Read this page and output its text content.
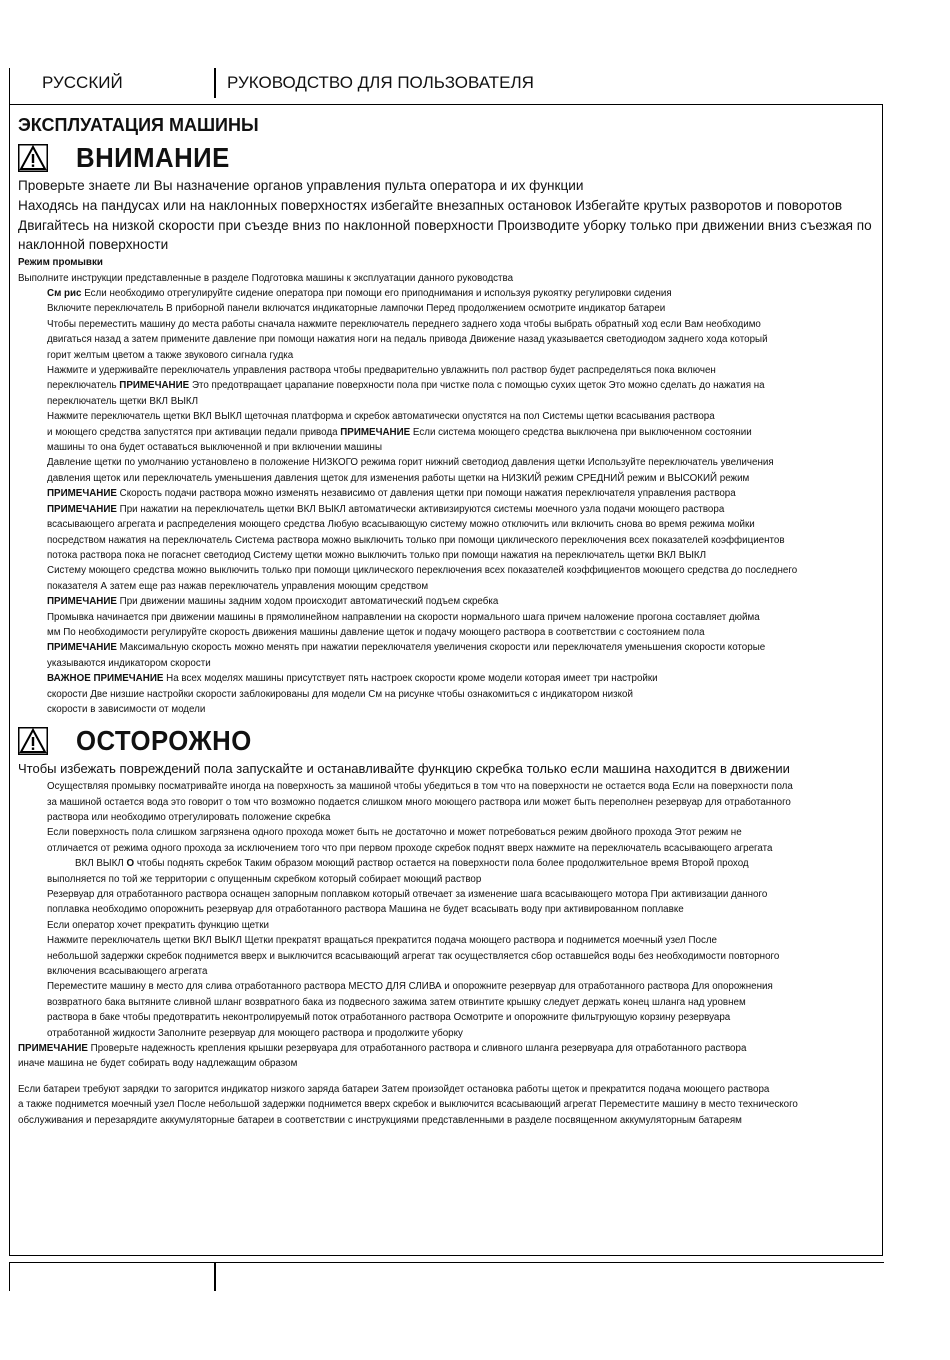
РУССКИЙ	РУКОВОДСТВО ДЛЯ ПОЛЬЗОВАТЕЛЯ

ЭКСПЛУАТАЦИЯ МАШИНЫ

ВНИМАНИЕ

Проверьте знаете ли Вы назначение органов управления пульта оператора и их функции

Находясь на пандусах или на наклонных поверхностях избегайте внезапных остановок Избегайте крутых разворотов и поворотов

Двигайтесь на низкой скорости при съезде вниз по наклонной поверхности Производите уборку только при движении вниз съезжая по

наклонной поверхности

Режим промывки

Выполните инструкции представленные в разделе Подготовка машины к эксплуатации данного руководства

См рис Если необходимо отрегулируйте сидение оператора при помощи его приподнимания и используя рукоятку регулировки сидения

Включите переключатель В приборной панели включатся индикаторные лампочки Перед продолжением осмотрите индикатор батареи

Чтобы переместить машину до места работы сначала нажмите переключатель переднего заднего хода чтобы выбрать обратный ход если Вам необходимо

двигаться назад а затем примените давление при помощи нажатия ноги на педаль привода Движение назад указывается светодиодом заднего хода который

горит желтым цветом а также звукового сигнала гудка

Нажмите и удерживайте переключатель управления раствора чтобы предварительно увлажнить пол раствор будет распределяться пока включен

переключатель ПРИМЕЧАНИЕ Это предотвращает царапание поверхности пола при чистке пола с помощью сухих щеток Это можно сделать до нажатия на

переключатель щетки ВКЛ ВЫКЛ

Нажмите переключатель щетки ВКЛ ВЫКЛ щеточная платформа и скребок автоматически опустятся на пол Системы щетки всасывания раствора

и моющего средства запустятся при активации педали привода ПРИМЕЧАНИЕ Если система моющего средства выключена при выключенном состоянии

машины то она будет оставаться выключенной и при включении машины

Давление щетки по умолчанию установлено в положение НИЗКОГО режима горит нижний светодиод давления щетки Используйте переключатель увеличения

давления щеток или переключатель уменьшения давления щеток для изменения работы щетки на НИЗКИЙ режим СРЕДНИЙ режим и ВЫСОКИЙ режим

ПРИМЕЧАНИЕ Скорость подачи раствора можно изменять независимо от давления щетки при помощи нажатия переключателя управления раствора

ПРИМЕЧАНИЕ При нажатии на переключатель щетки ВКЛ ВЫКЛ автоматически активизируются системы моечного узла подачи моющего раствора

всасывающего агрегата и распределения моющего средства Любую всасывающую систему можно отключить или включить снова во время режима мойки

посредством нажатия на переключатель Система раствора можно выключить только при помощи циклического переключения всех показателей коэффициентов

потока раствора пока не погаснет светодиод Систему щетки можно выключить только при помощи нажатия на переключатель щетки ВКЛ ВЫКЛ

Систему моющего средства можно выключить только при помощи циклического переключения всех показателей коэффициентов моющего средства до последнего

показателя А затем еще раз нажав переключатель управления моющим средством

ПРИМЕЧАНИЕ При движении машины задним ходом происходит автоматический подъем скребка

Промывка начинается при движении машины в прямолинейном направлении на скорости нормального шага причем наложение прогона составляет дюйма

мм По необходимости регулируйте скорость движения машины давление щеток и подачу моющего раствора в соответствии с состоянием пола

ПРИМЕЧАНИЕ Максимальную скорость можно менять при нажатии переключателя увеличения скорости или переключателя уменьшения скорости которые

указываются индикатором скорости

ВАЖНОЕ ПРИМЕЧАНИЕ На всех моделях машины присутствует пять настроек скорости кроме модели которая имеет три настройки

скорости Две низшие настройки скорости заблокированы для модели См на рисунке чтобы ознакомиться с индикатором низкой

скорости в зависимости от модели

ОСТОРОЖНО

Чтобы избежать повреждений пола запускайте и останавливайте функцию скребка только если машина находится в движении

Осуществляя промывку посматривайте иногда на поверхность за машиной чтобы убедиться в том что на поверхности не остается вода Если на поверхности пола

за машиной остается вода это говорит о том что возможно подается слишком много моющего раствора или может быть переполнен резервуар для отработанного

раствора или необходимо отрегулировать положение скребка

Если поверхность пола слишком загрязнена одного прохода может быть не достаточно и может потребоваться режим двойного прохода Этот режим не

отличается от режима одного прохода за исключением того что при первом проходе скребок поднят вверх нажмите на переключатель всасывающего агрегата

ВКЛ ВЫКЛ О чтобы поднять скребок Таким образом моющий раствор остается на поверхности пола более продолжительное время Второй проход

выполняется по той же территории с опущенным скребком который собирает моющий раствор

Резервуар для отработанного раствора оснащен запорным поплавком который отвечает за изменение шага всасывающего мотора При активизации данного

поплавка необходимо опорожнить резервуар для отработанного раствора Машина не будет всасывать воду при активированном поплавке

Если оператор хочет прекратить функцию щетки

Нажмите переключатель щетки ВКЛ ВЫКЛ Щетки прекратят вращаться прекратится подача моющего раствора и поднимется моечный узел После

небольшой задержки скребок поднимется вверх и выключится всасывающий агрегат так осуществляется сбор оставшейся воды без необходимости повторного

включения всасывающего агрегата

Переместите машину в место для слива отработанного раствора МЕСТО ДЛЯ СЛИВА и опорожните резервуар для отработанного раствора Для опорожнения

возвратного бака вытяните сливной шланг возвратного бака из подвесного зажима затем отвинтите крышку следует держать конец шланга над уровнем

раствора в баке чтобы предотвратить неконтролируемый поток отработанного раствора Осмотрите и опорожните фильтрующую корзину резервуара

отработанной жидкости Заполните резервуар для моющего раствора и продолжите уборку

ПРИМЕЧАНИЕ Проверьте надежность крепления крышки резервуара для отработанного раствора и сливного шланга резервуара для отработанного раствора

иначе машина не будет собирать воду надлежащим образом

Если батареи требуют зарядки то загорится индикатор низкого заряда батареи Затем произойдет остановка работы щеток и прекратится подача моющего раствора

а также поднимется моечный узел После небольшой задержки поднимется вверх скребок и выключится всасывающий агрегат Переместите машину в место технического

обслуживания и перезарядите аккумуляторные батареи в соответствии с инструкциями представленными в разделе посвященном аккумуляторным батареям
